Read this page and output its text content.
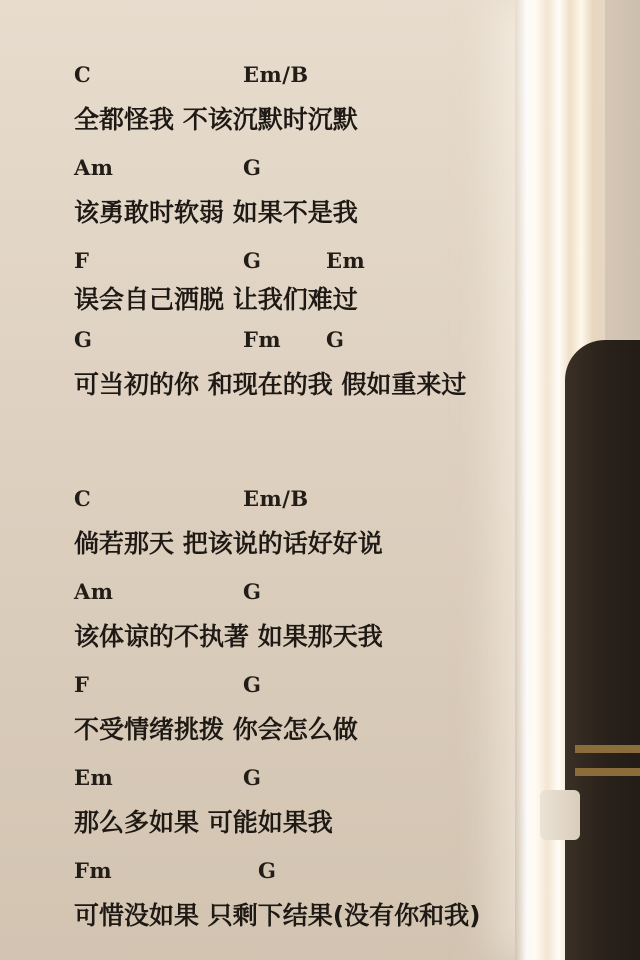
C	Em/B
全都怪我 不该沉默时沉默
Am	G
该勇敢时软弱 如果不是我
F	G	Em
误会自己洒脱 让我们难过
G	Fm G
可当初的你 和现在的我 假如重来过
C	Em/B
倘若那天 把该说的话好好说
Am	G
该体谅的不执著 如果那天我
F	G
不受情绪挑拨 你会怎么做
Em	G
那么多如果 可能如果我
Fm	G
可惜没如果 只剩下结果(没有你和我)
